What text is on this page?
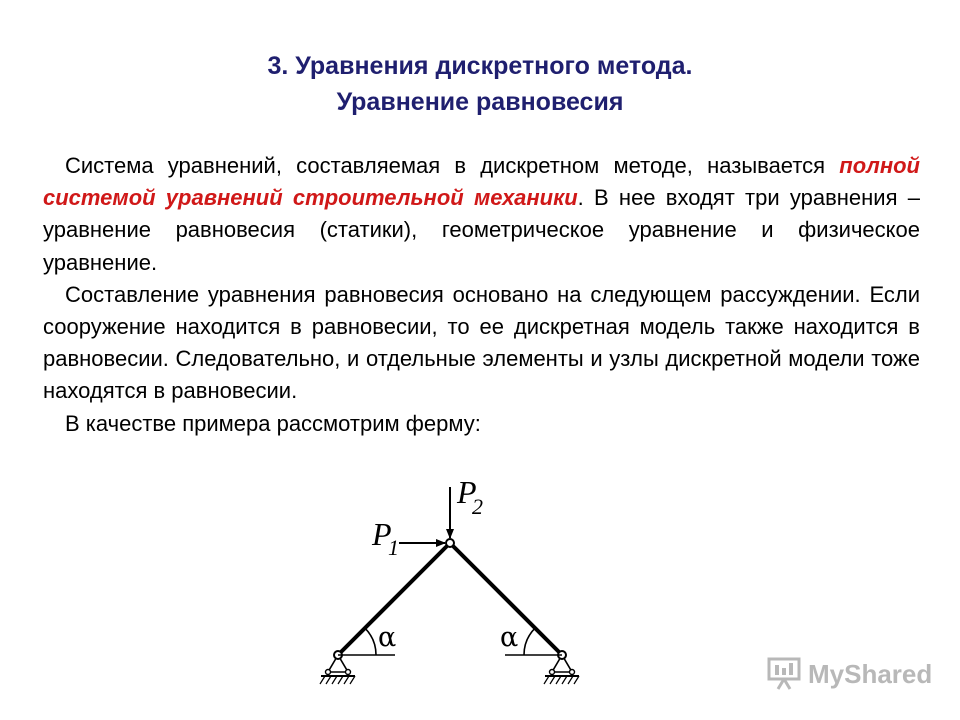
3. Уравнения дискретного метода.
Уравнение равновесия

Система уравнений, составляемая в дискретном методе, называется полной системой уравнений строительной механики. В нее входят три уравнения – уравнение равновесия (статики), геометрическое уравнение и физическое уравнение.

Составление уравнения равновесия основано на следующем рассуждении. Если сооружение находится в равновесии, то ее дискретная модель также находится в равновесии. Следовательно, и отдельные элементы и узлы дискретной модели тоже находятся в равновесии.

В качестве примера рассмотрим ферму:

α	α
P
1
P
2
MyShared
